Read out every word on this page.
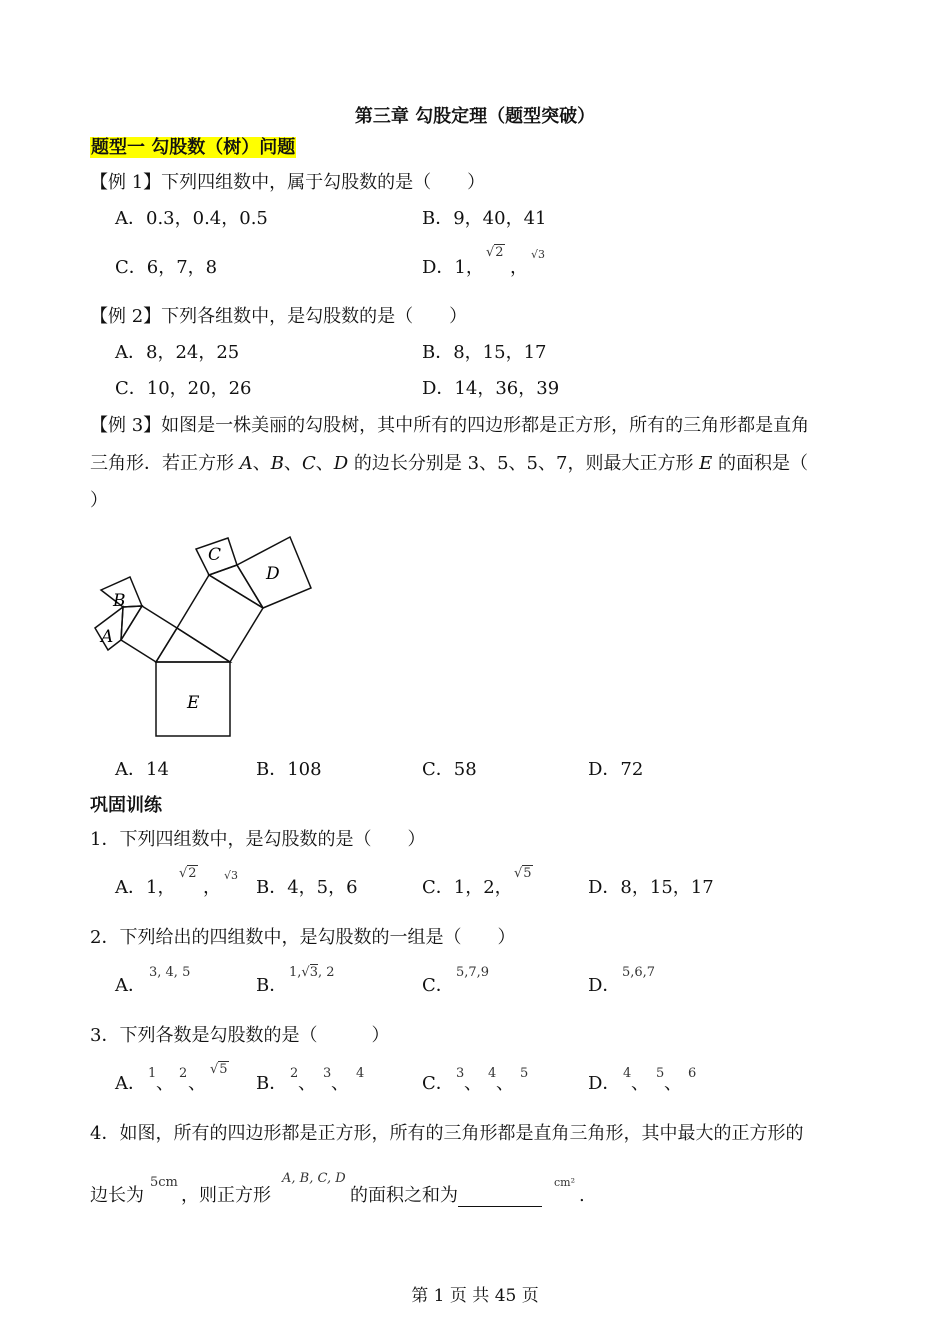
第三章 勾股定理（题型突破）
题型一 勾股数（树）问题
【例 1】下列四组数中，属于勾股数的是（　　）
A．0.3，0.4，0.5	B．9，40，41
C．6，7，8	D．1，
√2
，
√3
【例 2】下列各组数中，是勾股数的是（　　）
A．8，24，25	B．8，15，17
C．10，20，26	D．14，36，39
【例 3】如图是一株美丽的勾股树，其中所有的四边形都是正方形，所有的三角形都是直角
三角形．若正方形 A、B、C、D 的边长分别是 3、5、5、7，则最大正方形 E 的面积是（
）
A
B
C
D
E
A．14	B．108	C．58	D．72
巩固训练
1．下列四组数中，是勾股数的是（　　）
A．1，
√2
，
√3
B．4，5，6	C．1，2，
√5
D．8，15，17
2．下列给出的四组数中，是勾股数的一组是（　　）
A．
3, 4, 5
B．
1,√3, 2
C．
5,7,9
D．
5,6,7
3．下列各数是勾股数的是（　　　）
A． 1 、 2 、
√5
B． 2 、 3 、 4	C． 3 、 4 、 5	D． 4 、 5 、 6
4．如图，所有的四边形都是正方形，所有的三角形都是直角三角形，其中最大的正方形的
边长为
5cm
，则正方形
A, B, C, D
的面积之和为
cm²
.
第 1 页 共 45 页
